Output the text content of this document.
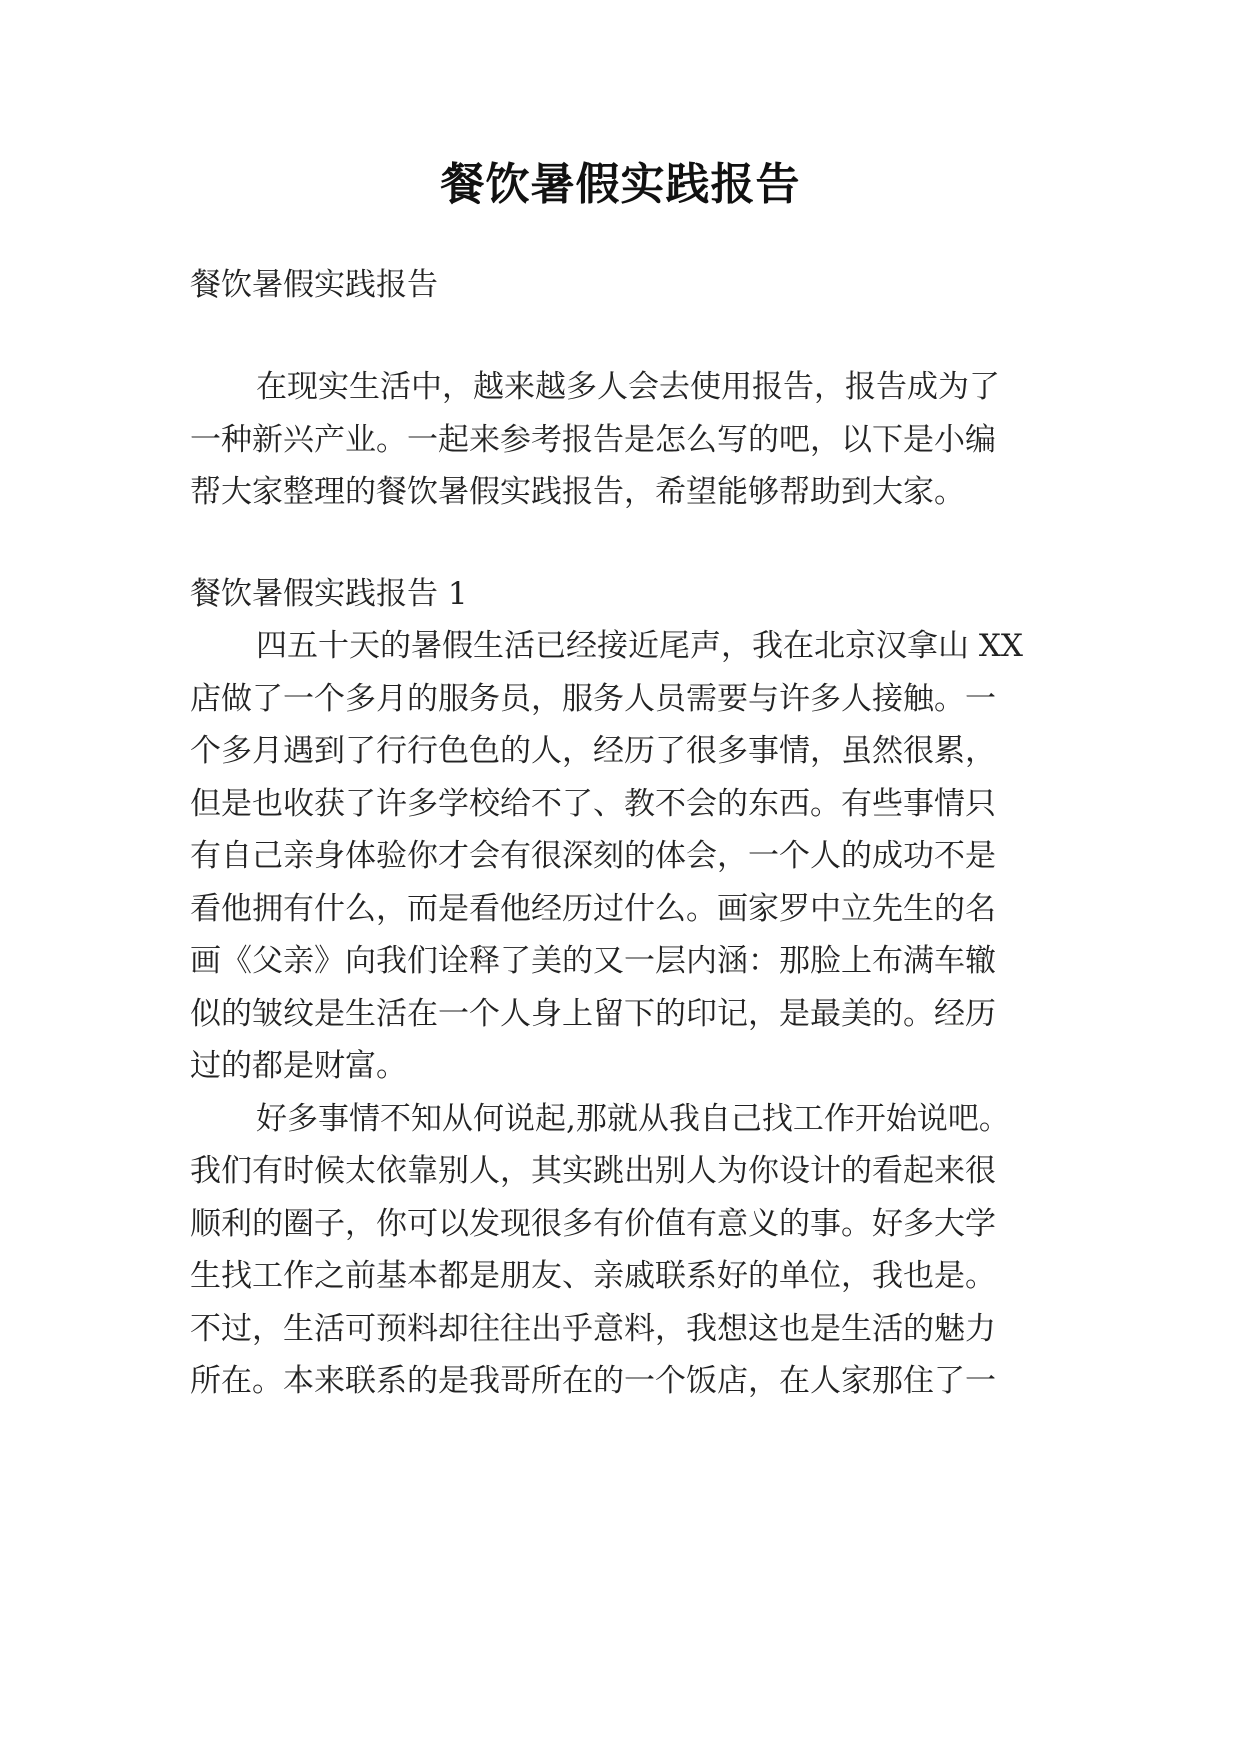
餐饮暑假实践报告
餐饮暑假实践报告
在现实生活中，越来越多人会去使用报告，报告成为了
一种新兴产业。一起来参考报告是怎么写的吧，以下是小编
帮大家整理的餐饮暑假实践报告，希望能够帮助到大家。
餐饮暑假实践报告 1
四五十天的暑假生活已经接近尾声，我在北京汉拿山 XX
店做了一个多月的服务员，服务人员需要与许多人接触。一
个多月遇到了行行色色的人，经历了很多事情，虽然很累，
但是也收获了许多学校给不了、教不会的东西。有些事情只
有自己亲身体验你才会有很深刻的体会，一个人的成功不是
看他拥有什么，而是看他经历过什么。画家罗中立先生的名
画《父亲》向我们诠释了美的又一层内涵：那脸上布满车辙
似的皱纹是生活在一个人身上留下的印记，是最美的。经历
过的都是财富。
好多事情不知从何说起,那就从我自己找工作开始说吧。
我们有时候太依靠别人，其实跳出别人为你设计的看起来很
顺利的圈子，你可以发现很多有价值有意义的事。好多大学
生找工作之前基本都是朋友、亲戚联系好的单位，我也是。
不过，生活可预料却往往出乎意料，我想这也是生活的魅力
所在。本来联系的是我哥所在的一个饭店，在人家那住了一
